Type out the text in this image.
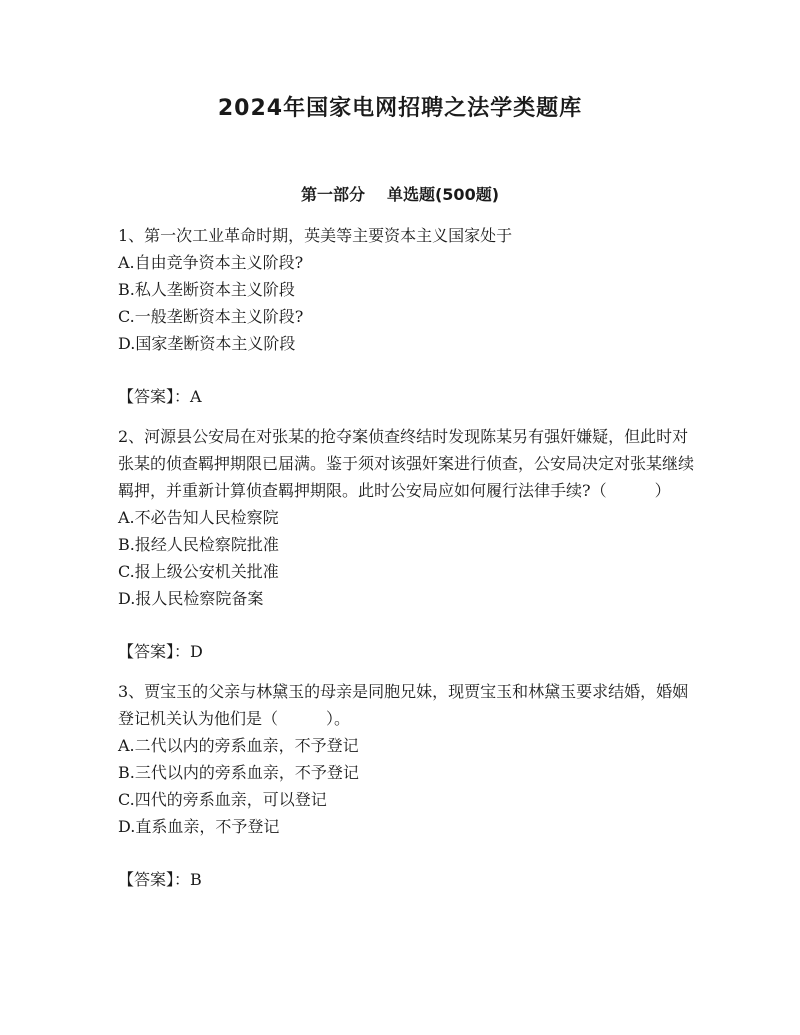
2024年国家电网招聘之法学类题库
第一部分 单选题(500题)

1、第一次工业革命时期，英美等主要资本主义国家处于

A.自由竞争资本主义阶段?

B.私人垄断资本主义阶段

C.一般垄断资本主义阶段?

D.国家垄断资本主义阶段

【答案】：A

2、河源县公安局在对张某的抢夺案侦查终结时发现陈某另有强奸嫌疑，但此时对张某的侦查羁押期限已届满。鉴于须对该强奸案进行侦查，公安局决定对张某继续羁押，并重新计算侦查羁押期限。此时公安局应如何履行法律手续?（　　　）

A.不必告知人民检察院

B.报经人民检察院批准

C.报上级公安机关批准

D.报人民检察院备案

【答案】：D

3、贾宝玉的父亲与林黛玉的母亲是同胞兄妹，现贾宝玉和林黛玉要求结婚，婚姻登记机关认为他们是（　　　）。

A.二代以内的旁系血亲，不予登记

B.三代以内的旁系血亲，不予登记

C.四代的旁系血亲，可以登记

D.直系血亲，不予登记

【答案】：B
